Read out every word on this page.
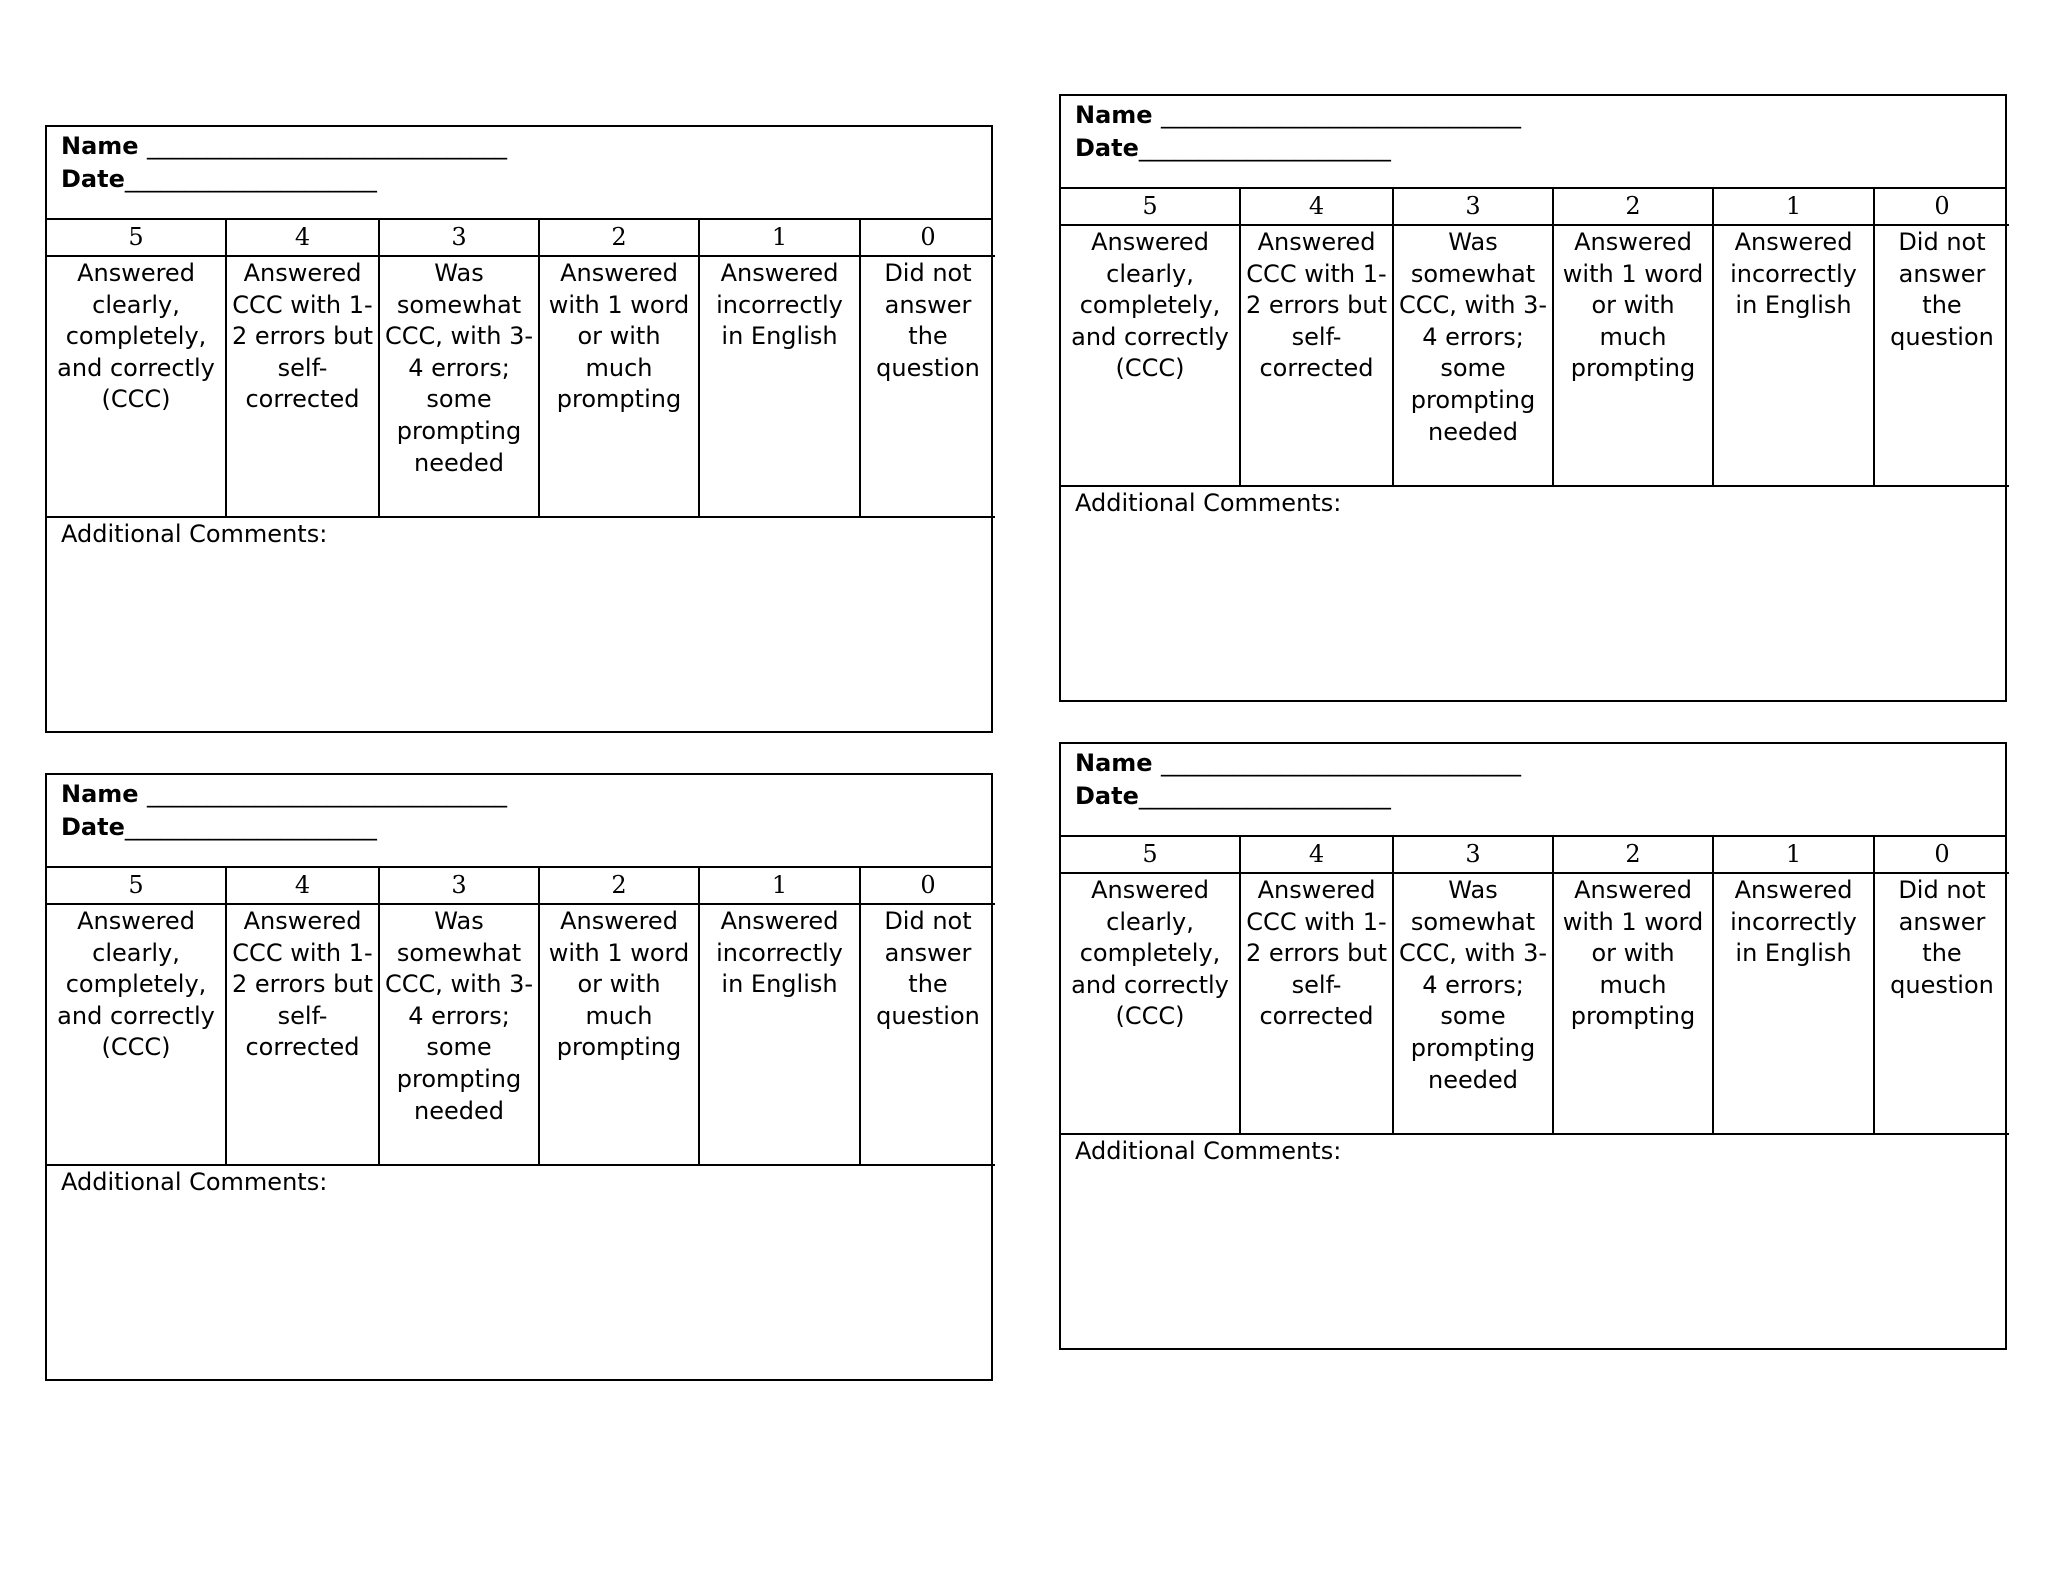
Name ______________________________
Date_____________________
5	4	3	2	1	0

Answered clearly, completely, and correctly (CCC)	Answered CCC with 1-2 errors but self-corrected	Was somewhat CCC, with 3-4 errors; some prompting needed	Answered with 1 word or with much prompting	Answered incorrectly in English	Did not answer the question
Additional Comments:
Name ______________________________
Date_____________________
5	4	3	2	1	0

Answered clearly, completely, and correctly (CCC)	Answered CCC with 1-2 errors but self-corrected	Was somewhat CCC, with 3-4 errors; some prompting needed	Answered with 1 word or with much prompting	Answered incorrectly in English	Did not answer the question
Additional Comments:
Name ______________________________
Date_____________________
5	4	3	2	1	0

Answered clearly, completely, and correctly (CCC)	Answered CCC with 1-2 errors but self-corrected	Was somewhat CCC, with 3-4 errors; some prompting needed	Answered with 1 word or with much prompting	Answered incorrectly in English	Did not answer the question
Additional Comments:
Name ______________________________
Date_____________________
5	4	3	2	1	0

Answered clearly, completely, and correctly (CCC)	Answered CCC with 1-2 errors but self-corrected	Was somewhat CCC, with 3-4 errors; some prompting needed	Answered with 1 word or with much prompting	Answered incorrectly in English	Did not answer the question
Additional Comments:
